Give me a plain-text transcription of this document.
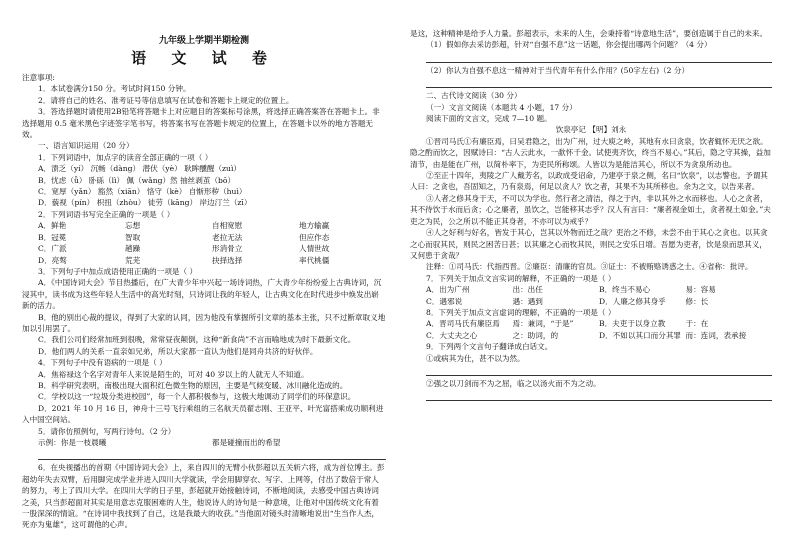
九年级上学期半期检测
语 文 试 卷

注意事项:

1．本试卷满分150 分。考试时间150 分钟。

2．请将自己的姓名、准考证号等信息填写在试卷和答题卡上规定的位置上。

3．答选择题时请使用2B铅笔将答题卡上对应题目的答案标号涂黑，将选择正确答案答在答题卡上。非选择题用 0.5 毫米黑色字迹签字笔书写，将答案书写在答题卡规定的位置上，在答题卡以外的地方答题无效。

一、语言知识运用（20 分）

1．下列词语中，加点字的读音全部正确的一项（ ）

A．溃乏（yí） 沉畅（dàng） 潜伏（yè） 耿眸醺醒（zuì）

B．忧虑（ǚ） 卧砾（lì） 佩（wǎng）然 抽丝剥茧（bō）

C．宽厚（yǎn） 豁然（xiān） 恪守（kè） 自惭形秽（huì）

D．藐视（pín） 枳扭（zhòu） 徒劳（kāng） 岸边汀兰（zī）

2．下列词语书写完全正确的一项是（ ）

A．鲜艳	忘想	自相宽慰	地方输赢
B．冠冕	智取	老拉无法	但应作态
C．广派	趟躁	形消骨立	人情世故
D．亮骜	荒芜	抉择选择	率代桃僵

3．下列句子中加点成语使用正确的一项是（ ）

A．《中国诗词大会》节目热播后，在广大青少年中兴起一场诗词热，广大青少年纷纷爱上古典诗词，沉浸其中，读书成为这些年轻人生活中的高光时刻，只诗词让我的年轻人，让古典文化在时代进步中焕发出崭新的活力。

B．他的别出心裁的提议，得到了大家的认同，因为他没有掌握所引文章的基本主张，只不过断章取义地加以引用罢了。

C．我们公司们经常加班到很晚，常常昼夜颠倒，这种“新食尚”不言而喻地成为时下最新文化。

D．他们两人的关系一直亲如兄弟，所以大家都一直认为他们是同舟共济的好伙伴。

4．下列句子中没有语病的一项是（ ）

A．焦裕禄这个名字对青年人来说是陌生的，可对 40 岁以上的人就无人不知道。

B．科学研究表明，南极出现大面积红色微生物的原因，主要是气候变暖、冰川融化造成的。

C．学校以这一“垃圾分类进校园”，每一个人都积极参与，这极大地调动了同学们的环保意识。

D．2021 年 10 月 16 日，神舟十三号飞行乘组的三名航天员翟志刚、王亚平、叶光富搭乘成功顺利进入中国空间站。

5．请你仿照例句，写两行诗句。（2 分）

示例：你是一枝晨曦	都是碰撞而出的希望

6．在央视播出的首期《中国诗词大会》上，来自四川的无臂小伙彭超以五关斩六将，成为首位博主。彭超幼年失去双臂，后用脚完成学业并进入四川大学就读，学会用脚穿衣、写字、上网等，付出了数倍于常人的努力，考上了四川大学。在四川大学的日子里，彭超就开始接触诗词，不断地阅读，去感受中国古典诗词之美，只当彭超面对其实是用意志克服困难的人生，他说诗人的诗句是一种意境，让他对中国传统文化有着一股深深的情谊。“在诗词中我找到了自己，这是我最大的收获。”当他面对镜头时清晰地说出“生当作人杰，死亦为鬼雄”，这可谓他的心声。

是这，这种精神是给予人力量。彭超表示，未来的人生，会秉持着“诗意地生活”，要创造属于自己的未来。

（1）假如你去采访彭超，针对“自强不息”这一话题，你会提出哪两个问题？（4 分）

（2）你认为自强不息这一精神对于当代青年有什么作用？(50字左右)（2 分）

二、古代诗文阅读（30 分）

（一）文言文阅读（本题共 4 小题，17 分）

阅读下面的文言文，完成 7—10 题。

饮泉亭记 【明】刘永

①晋司马氏①有廉臣焉，曰吴君隐之，出为广州，过大庾之岭，其地有水曰贪泉，饮者辄怀无厌之欲。隐之酌而饮之，因赋诗曰：“古人云此水，一歃怀千金。试使夷齐饮，终当不易心。”其后，隐之守其操，益加清节，由是能在广州，以简朴率下，为吏民所称颂。人皆以为是能洁其心，所以不为贪泉所动也。

②至正十四年，夷陵之广人戴芳名，以政成受诏命，乃建亭于泉之侧，名曰“饮泉”，以志警也。予谓其人曰：之贪也，吾固知之，乃有泉焉，何足以贪人？饮之者，其果不为其所移也。余为之文，以告来者。

③人者之修其身于天，不可以为学也。然行者之清洁，得之于内，非以其外之水而移也。人心之贪者，其不待饮于水而后贪；心之廉者，虽饮之，岂能移其志乎？汉人有言曰：“廉者视金如土，贪者视土如金。”夫吏之为民，公之所以不能正其身者，不亦可以为戒乎？

④人之好利与好名，皆发于其心，岂其以外物而迁之哉？吏治之不修，未尝不由于其心之贪也。以其贪之心而驭其民，则民之困苦日甚；以其廉之心而牧其民，则民之安乐日增。吾愿为吏者，饮是泉而思其义，又何患于贪哉？

注释：①司马氏：代指西晋。②廉臣：清廉的官员。③证士：不被贿赂诱惑之士。④省称：批评。

7．下列关于加点文言实词的解释，不正确的一项是（ ）

A．出为广州	出：出任	B．终当不易心	易：容易
C．遇邪说	遇：遇到	D．人廉之修其身乎	修：长

8．下列关于加点文言虚词的理解，不正确的一项是（ ）

A．晋司马氏有廉臣焉	焉：兼词，“于是”	B．夫吏于以身立教	于：在
C．大丈夫之心	之：助词，的	D．不如以其口而分其罪 而：连词，表承接

9．下列两个文言句子翻译成白话文。

①或病其为仕，甚不以为然。

②强之以刀剑而不为之屈，临之以汤火而不为之动。
